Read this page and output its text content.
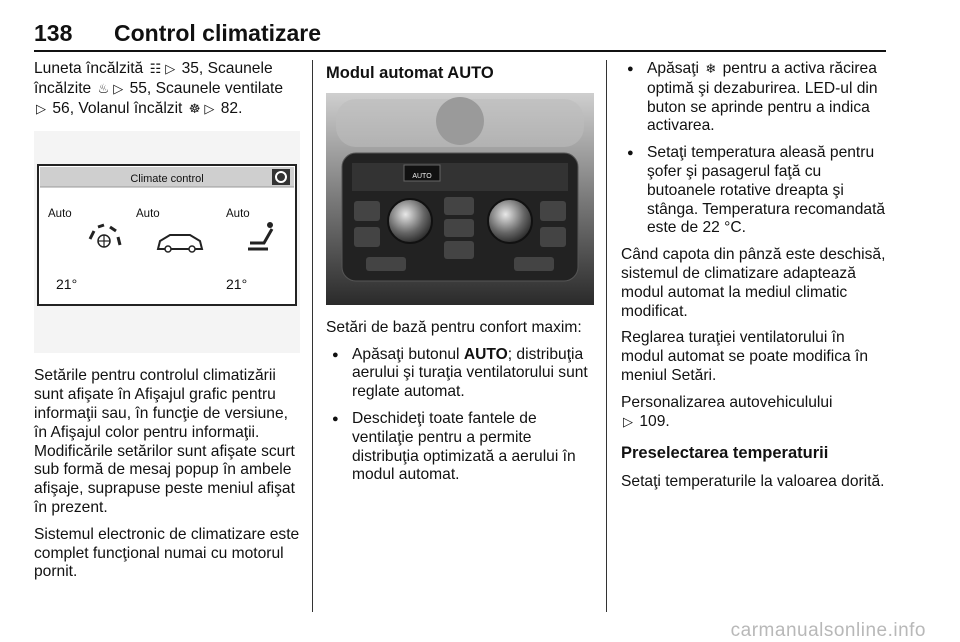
138 Control climatizare

Luneta încălzită ☷ ▷ 35, Scaunele încălzite ♨ ▷ 55, Scaunele ventilate
▷ 56, Volanul încălzit ☸ ▷ 82.

Climate control
Auto	Auto	Auto
21°	21°

Setările pentru controlul climatizării sunt afişate în Afişajul grafic pentru informaţii sau, în funcţie de versiune, în Afişajul color pentru informaţii. Modificările setărilor sunt afişate scurt sub formă de mesaj popup în ambele afişaje, suprapuse peste meniul afişat în prezent.

Sistemul electronic de climatizare este complet funcţional numai cu motorul pornit.

Modul automat AUTO
AUTO

Setări de bază pentru confort maxim:

● Apăsaţi butonul AUTO; distribuţia aerului şi turaţia ventilatorului sunt reglate automat.
● Deschideţi toate fantele de ventilaţie pentru a permite distribuţia optimizată a aerului în modul automat.
● Apăsaţi ❄ pentru a activa răcirea optimă şi dezaburirea. LED-ul din buton se aprinde pentru a indica activarea.
● Setaţi temperatura aleasă pentru şofer şi pasagerul faţă cu butoanele rotative dreapta şi stânga. Temperatura recomandată este de 22 °C.

Când capota din pânză este deschisă, sistemul de climatizare adaptează modul automat la mediul climatic modificat.

Reglarea turaţiei ventilatorului în modul automat se poate modifica în meniul Setări.

Personalizarea autovehiculului
▷ 109.

Preselectarea temperaturii

Setaţi temperaturile la valoarea dorită.

carmanualsonline.info
